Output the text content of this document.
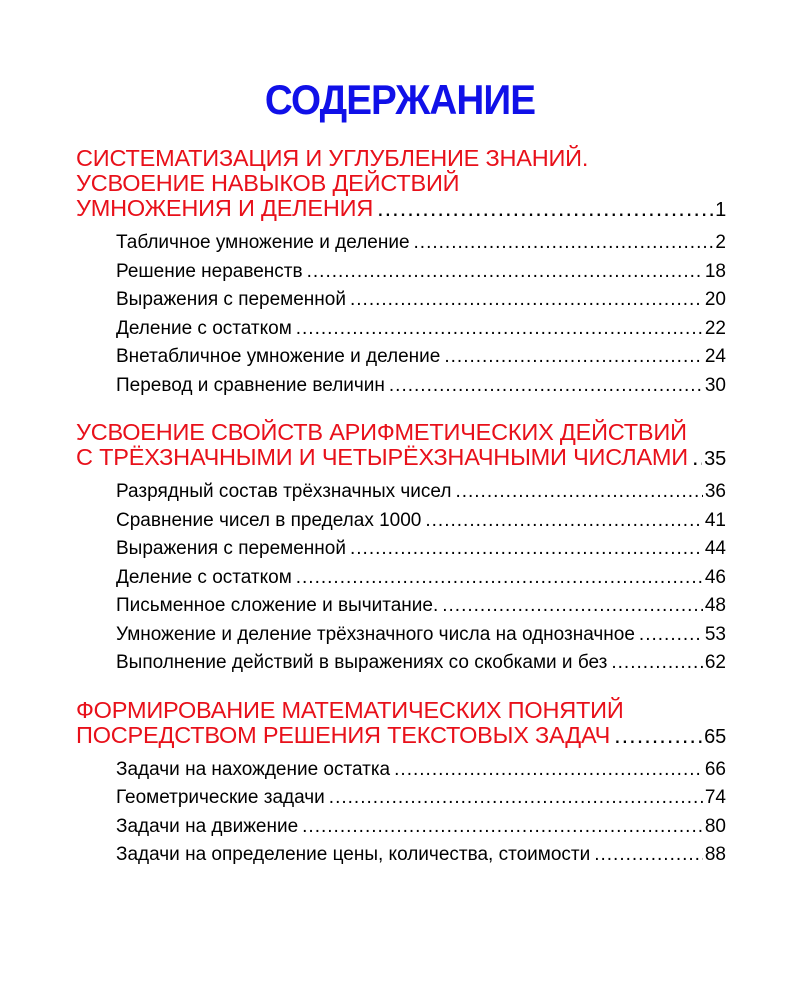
СОДЕРЖАНИЕ
СИСТЕМАТИЗАЦИЯ И УГЛУБЛЕНИЕ ЗНАНИЙ.
УСВОЕНИЕ НАВЫКОВ ДЕЙСТВИЙ
УМНОЖЕНИЯ И ДЕЛЕНИЯ .....	1
Табличное умножение и деление .....	2
Решение неравенств .....	18
Выражения с переменной .....	20
Деление с остатком .....	22
Внетабличное умножение и деление .....	24
Перевод и сравнение величин .....	30
УСВОЕНИЕ СВОЙСТВ АРИФМЕТИЧЕСКИХ ДЕЙСТВИЙ
С ТРЁХЗНАЧНЫМИ И ЧЕТЫРЁХЗНАЧНЫМИ ЧИСЛАМИ ..... 35
Разрядный состав трёхзначных чисел .....	36
Сравнение чисел в пределах 1000 .....	41
Выражения с переменной .....	44
Деление с остатком .....	46
Письменное сложение и вычитание. .....	48
Умножение и деление трёхзначного числа на однозначное .....	53
Выполнение действий в выражениях со скобками и без .....	62
ФОРМИРОВАНИЕ МАТЕМАТИЧЕСКИХ ПОНЯТИЙ
ПОСРЕДСТВОМ РЕШЕНИЯ ТЕКСТОВЫХ ЗАДАЧ .....	65
Задачи на нахождение остатка .....	66
Геометрические задачи .....	74
Задачи на движение .....	80
Задачи на определение цены, количества, стоимости .....	88
